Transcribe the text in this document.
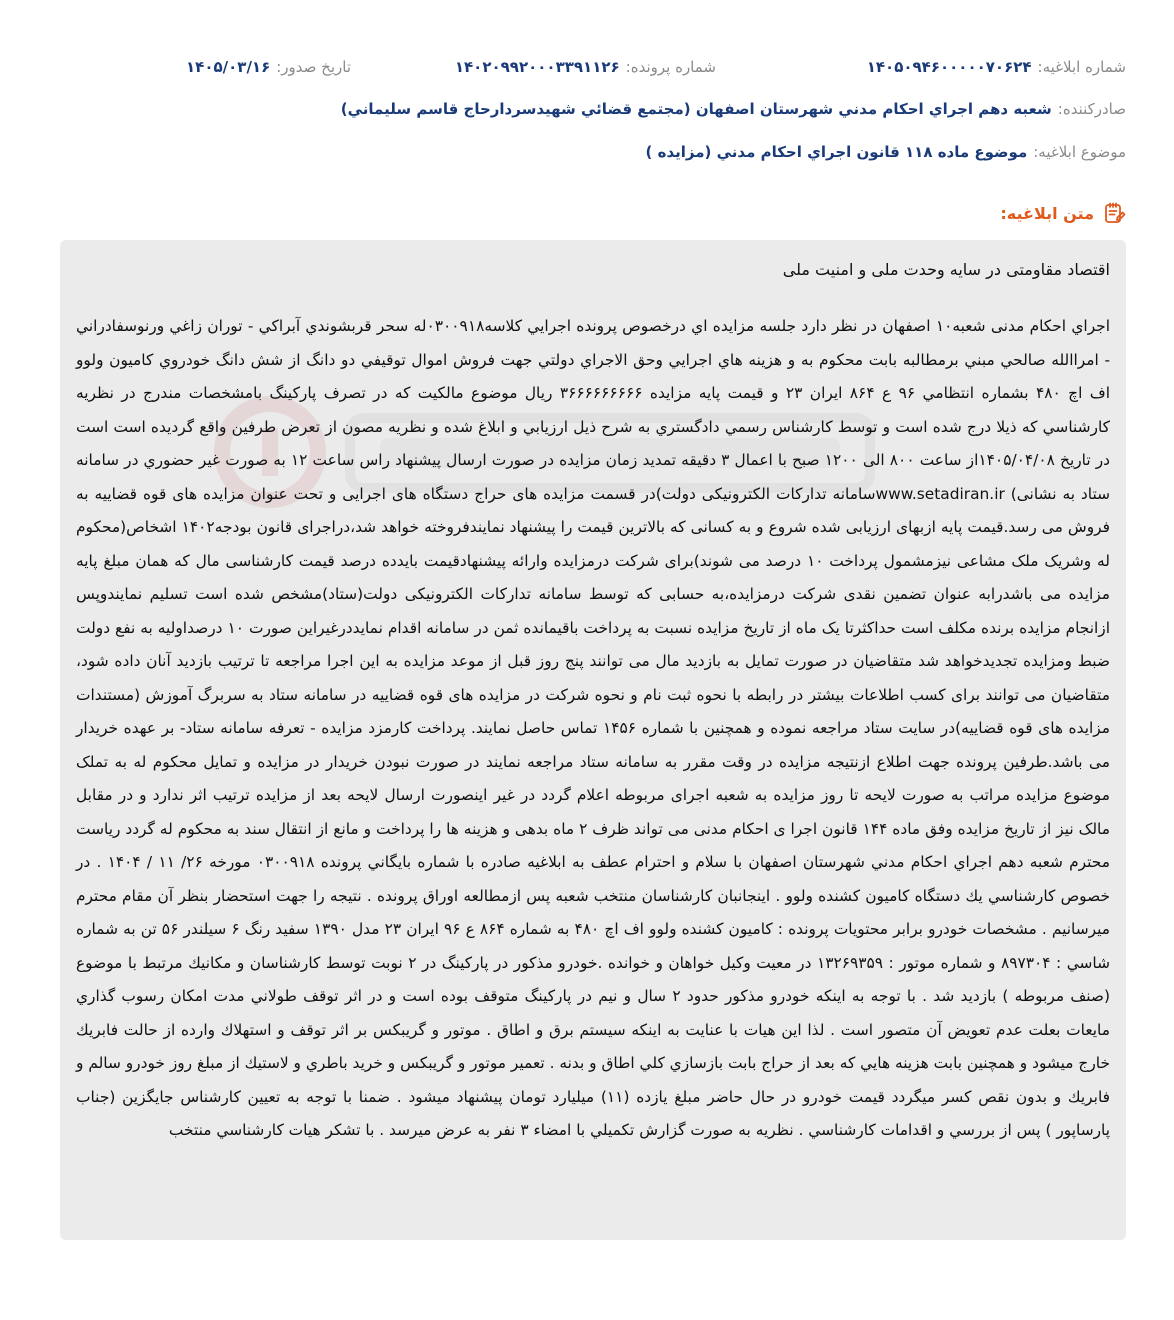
شماره ابلاغيه:
۱۴۰۵۰۹۴۶۰۰۰۰۰۷۰۶۲۴
شماره پرونده:
۱۴۰۲۰۹۹۲۰۰۰۳۳۹۱۱۲۶
تاريخ صدور:
۱۴۰۵/۰۳/۱۶
صادرکننده:
شعبه دهم اجراي احکام مدني شهرستان اصفهان (مجتمع قضائي شهيدسردارحاج قاسم سليماني)
موضوع ابلاغيه:
موضوع ماده ۱۱۸ قانون اجراي احكام مدني (مزايده )
متن ابلاغيه:
اقتصاد مقاومتی در سایه وحدت ملی و امنیت ملی
اجراي احكام مدنی شعبه۱۰ اصفهان در نظر دارد جلسه مزايده اي درخصوص پرونده اجرايي كلاسه۰۳۰۰۹۱۸له سحر قربشوندي آبراكي - توران زاغي ورنوسفادراني - امراالله صالحي مبني برمطالبه بابت محكوم به و هزينه هاي اجرايي وحق الاجراي دولتي جهت فروش اموال توقيفي دو دانگ از شش دانگ خودروي كاميون ولوو اف اچ ۴۸۰ بشماره انتظامي ۹۶ ع ۸۶۴ ايران ۲۳ و قيمت پايه مزايده ۳۶۶۶۶۶۶۶۶۶ ريال موضوع مالكيت كه در تصرف پاركينگ بامشخصات مندرج در نظريه كارشناسي كه ذيلا درج شده است و توسط كارشناس رسمي دادگستري به شرح ذيل ارزيابي و ابلاغ شده و نظريه مصون از تعرض طرفين واقع گرديده است است در تاريخ ۱۴۰۵/۰۴/۰۸از ساعت ۸۰۰ الی ۱۲۰۰ صبح با اعمال ۳ دقيقه تمديد زمان مزايده در صورت ارسال پيشنهاد راس ساعت ۱۲ به صورت غير حضوري در سامانه ستاد به نشانی) www.setadiran.irسامانه تداركات الكترونيكی دولت)در قسمت مزايده های حراج دستگاه های اجرايی و تحت عنوان مزايده های قوه قضاييه به فروش می رسد.قيمت پايه ازبهای ارزيابی شده شروع و به كسانی كه بالاترين قيمت را پيشنهاد نمايندفروخته خواهد شد،دراجرای قانون بودجه۱۴۰۲ اشخاص(محكوم له وشريک ملک مشاعی نيزمشمول پرداخت ۱۰ درصد می شوند)برای شركت درمزايده وارائه پيشنهادقيمت بايدده درصد قيمت كارشناسی مال كه همان مبلغ پايه مزايده می باشدرابه عنوان تضمين نقدی شركت درمزايده،به حسابی كه توسط سامانه تداركات الكترونيكی دولت(ستاد)مشخص شده است تسليم نمايندوپس ازانجام مزايده برنده مكلف است حداكثرتا يک ماه از تاريخ مزايده نسبت به پرداخت باقيمانده ثمن در سامانه اقدام نمايددرغيراين صورت ۱۰ درصداوليه به نفع دولت ضبط ومزايده تجديدخواهد شد متقاضيان در صورت تمايل به بازديد مال می توانند پنج روز قبل از موعد مزايده به اين اجرا مراجعه تا ترتيب بازديد آنان داده شود، متقاضيان می توانند برای كسب اطلاعات بيشتر در رابطه با نحوه ثبت نام و نحوه شركت در مزايده های قوه قضاييه در سامانه ستاد به سربرگ آموزش (مستندات مزايده های قوه قضاييه)در سايت ستاد مراجعه نموده و همچنين با شماره ۱۴۵۶ تماس حاصل نمايند. پرداخت كارمزد مزايده - تعرفه سامانه ستاد- بر عهده خريدار می باشد.طرفين پرونده جهت اطلاع ازنتيجه مزايده در وقت مقرر به سامانه ستاد مراجعه نمايند در صورت نبودن خريدار در مزايده و تمايل محكوم له به تملک موضوع مزايده مراتب به صورت لايحه تا روز مزايده به شعبه اجرای مربوطه اعلام گردد در غير اينصورت ارسال لايحه بعد از مزايده ترتيب اثر ندارد و در مقابل مالک نيز از تاريخ مزايده وفق ماده ۱۴۴ قانون اجرا ی احكام مدنی می تواند ظرف ۲ ماه بدهی و هزينه ها را پرداخت و مانع از انتقال سند به محكوم له گردد رياست محترم شعبه دهم اجراي احكام مدني شهرستان اصفهان با سلام و احترام عطف به ابلاغيه صادره با شماره بايگاني پرونده ۰۳۰۰۹۱۸ مورخه ۲۶/ ۱۱ / ۱۴۰۴ . در خصوص كارشناسي يك دستگاه كاميون كشنده ولوو . اينجانبان كارشناسان منتخب شعبه پس ازمطالعه اوراق پرونده . نتيجه را جهت استحضار بنظر آن مقام محترم ميرسانيم . مشخصات خودرو برابر محتويات پرونده : كاميون كشنده ولوو اف اچ ۴۸۰ به شماره ۸۶۴ ع ۹۶ ايران ۲۳ مدل ۱۳۹۰ سفيد رنگ ۶ سيلندر ۵۶ تن به شماره شاسي : ۸۹۷۳۰۴ و شماره موتور : ۱۳۲۶۹۳۵۹ در معيت وكيل خواهان و خوانده .خودرو مذكور در پاركينگ در ۲ نوبت توسط كارشناسان و مكانيك مرتبط با موضوع (صنف مربوطه ) بازديد شد . با توجه به اينكه خودرو مذكور حدود ۲ سال و نيم در پاركينگ متوقف بوده است و در اثر توقف طولاني مدت امكان رسوب گذاري مايعات بعلت عدم تعويض آن متصور است . لذا اين هيات با عنايت به اينكه سيستم برق و اطاق . موتور و گريبكس بر اثر توقف و استهلاك وارده از حالت فابريك خارج ميشود و همچنين بابت هزينه هايي كه بعد از حراج بابت بازسازي كلي اطاق و بدنه . تعمير موتور و گريبكس و خريد باطري و لاستيك از مبلغ روز خودرو سالم و فابريك و بدون نقص كسر ميگردد قيمت خودرو در حال حاضر مبلغ يازده (۱۱) ميليارد تومان پيشنهاد ميشود . ضمنا با توجه به تعيين كارشناس جايگزين (جناب پارساپور ) پس از بررسي و اقدامات كارشناسي . نظريه به صورت گزارش تكميلي با امضاء ۳ نفر به عرض ميرسد . با تشكر هيات كارشناسي منتخب
